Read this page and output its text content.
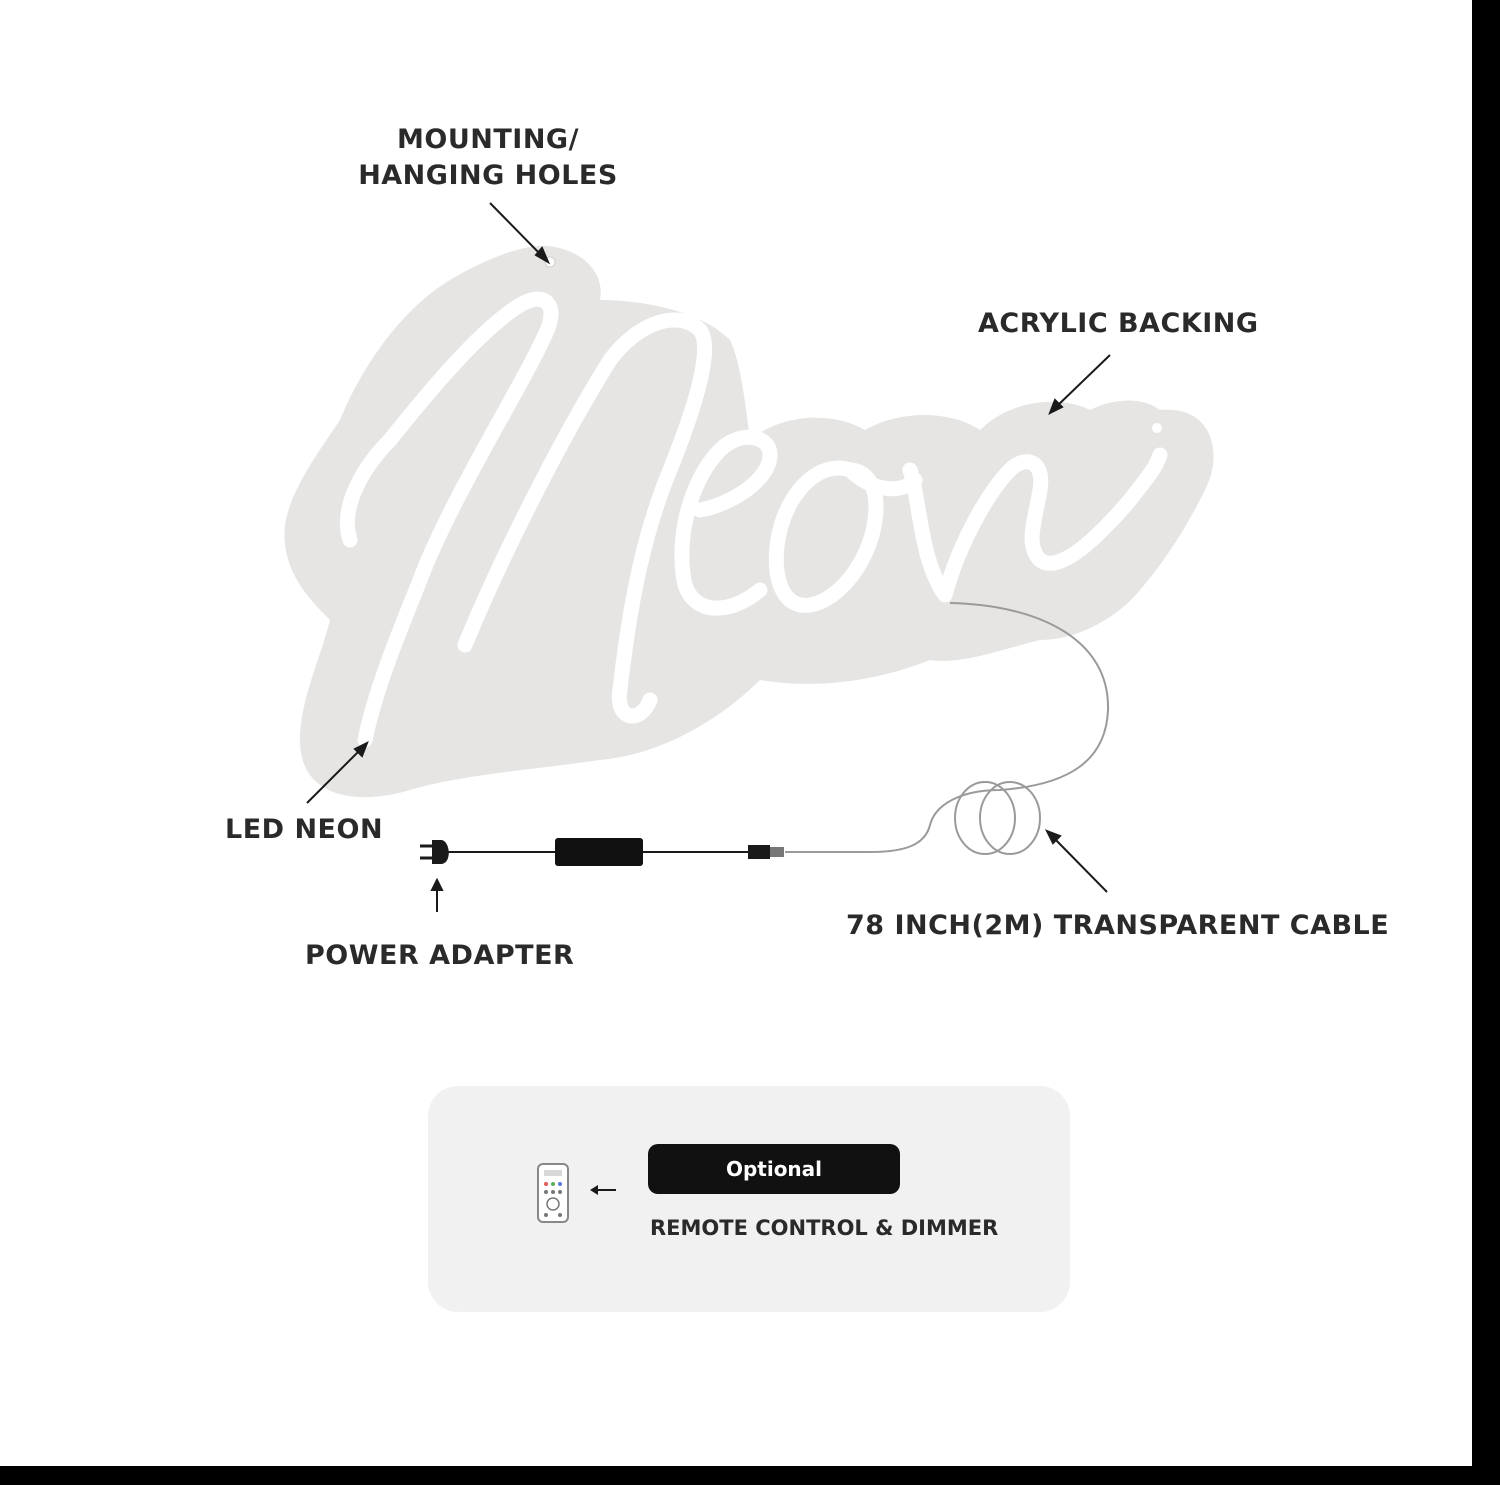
MOUNTING/
HANGING HOLES
ACRYLIC BACKING
LED NEON
POWER ADAPTER
78 INCH(2M) TRANSPARENT CABLE
Optional
REMOTE CONTROL & DIMMER
